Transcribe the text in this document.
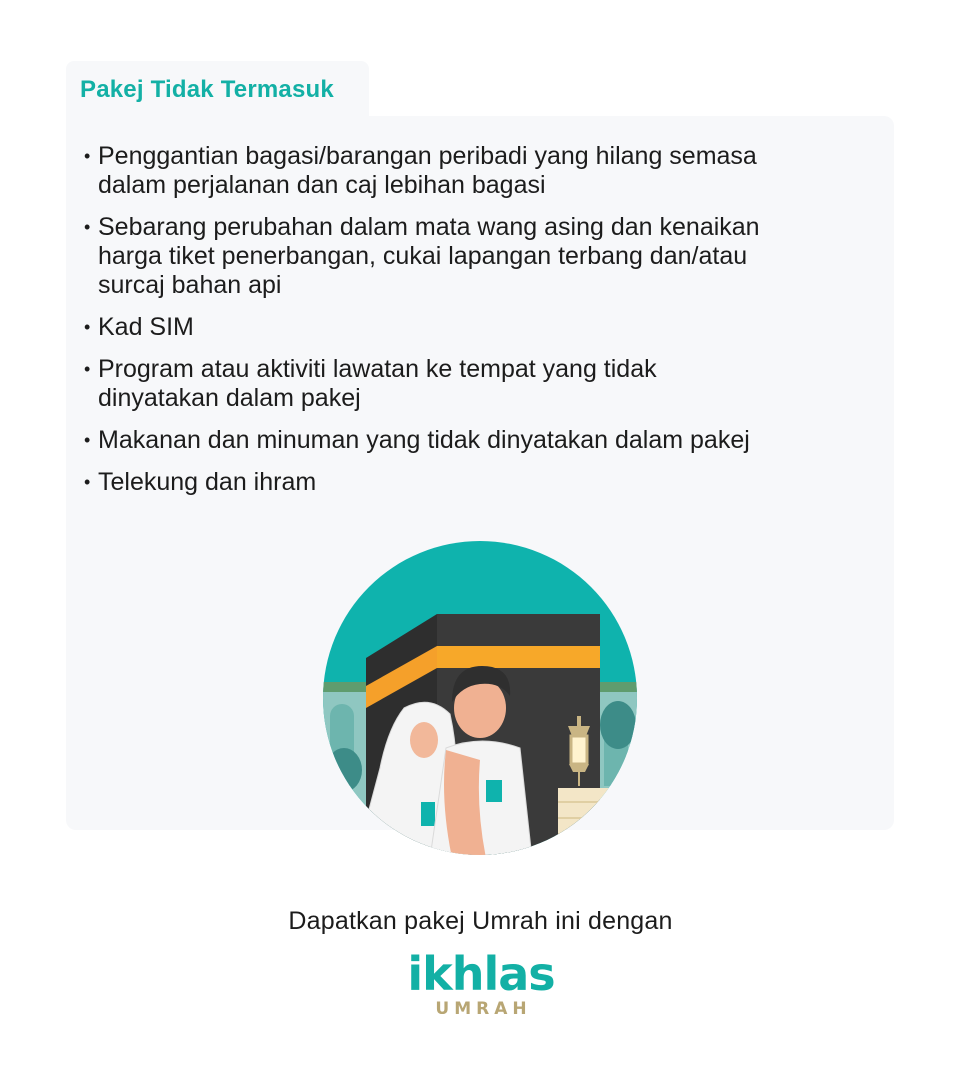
Pakej Tidak Termasuk
• Penggantian bagasi/barangan peribadi yang hilang semasa
dalam perjalanan dan caj lebihan bagasi
• Sebarang perubahan dalam mata wang asing dan kenaikan
harga tiket penerbangan, cukai lapangan terbang dan/atau
surcaj bahan api
• Kad SIM
• Program atau aktiviti lawatan ke tempat yang tidak
dinyatakan dalam pakej
• Makanan dan minuman yang tidak dinyatakan dalam pakej
• Telekung dan ihram
Dapatkan pakej Umrah ini dengan
ikhlas
UMRAH
